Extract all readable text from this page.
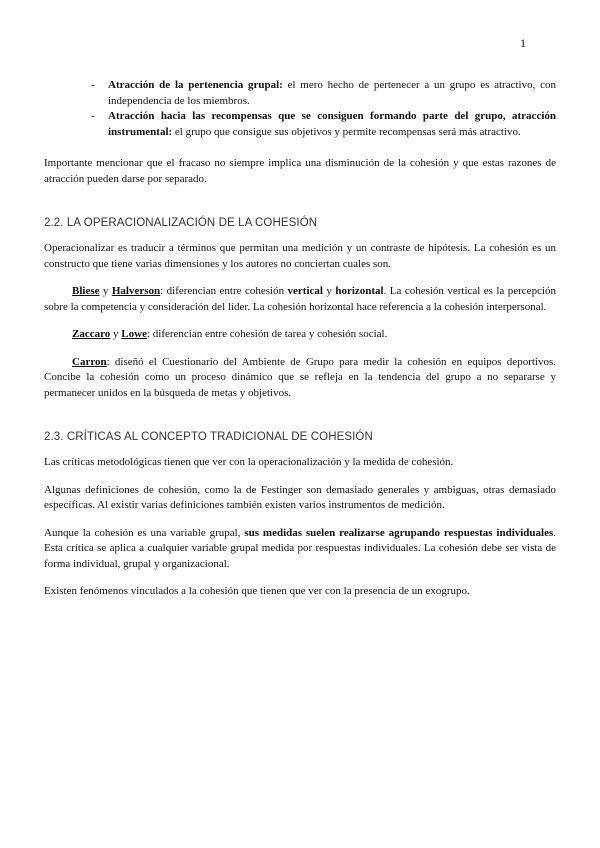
1
- Atracción de la pertenencia grupal: el mero hecho de pertenecer a un grupo es atractivo, con independencia de los miembros.
- Atracción hacia las recompensas que se consiguen formando parte del grupo, atracción instrumental: el grupo que consigue sus objetivos y permite recompensas será más atractivo.

Importante mencionar que el fracaso no siempre implica una disminución de la cohesión y que estas razones de atracción pueden darse por separado.

2.2. LA OPERACIONALIZACIÓN DE LA COHESIÓN

Operacionalizar es traducir a términos que permitan una medición y un contraste de hipótesis. La cohesión es un constructo que tiene varias dimensiones y los autores no conciertan cuales son.

Bliese y Halverson: diferencian entre cohesión vertical y horizontal. La cohesión vertical es la percepción sobre la competencia y consideración del líder. La cohesión horizontal hace referencia a la cohesión interpersonal.

Zaccaro y Lowe: diferencian entre cohesión de tarea y cohesión social.

Carron: diseñó el Cuestionario del Ambiente de Grupo para medir la cohesión en equipos deportivos. Concibe la cohesión como un proceso dinámico que se refleja en la tendencia del grupo a no separarse y permanecer unidos en la búsqueda de metas y objetivos.

2.3. CRÍTICAS AL CONCEPTO TRADICIONAL DE COHESIÓN

Las críticas metodológicas tienen que ver con la operacionalización y la medida de cohesión.

Algunas definiciones de cohesión, como la de Festinger son demasiado generales y ambiguas, otras demasiado específicas. Al existir varias definiciones también existen varios instrumentos de medición.

Aunque la cohesión es una variable grupal, sus medidas suelen realizarse agrupando respuestas individuales. Esta crítica se aplica a cualquier variable grupal medida por respuestas individuales. La cohesión debe ser vista de forma individual, grupal y organizacional.

Existen fenómenos vinculados a la cohesión que tienen que ver con la presencia de un exogrupo.
